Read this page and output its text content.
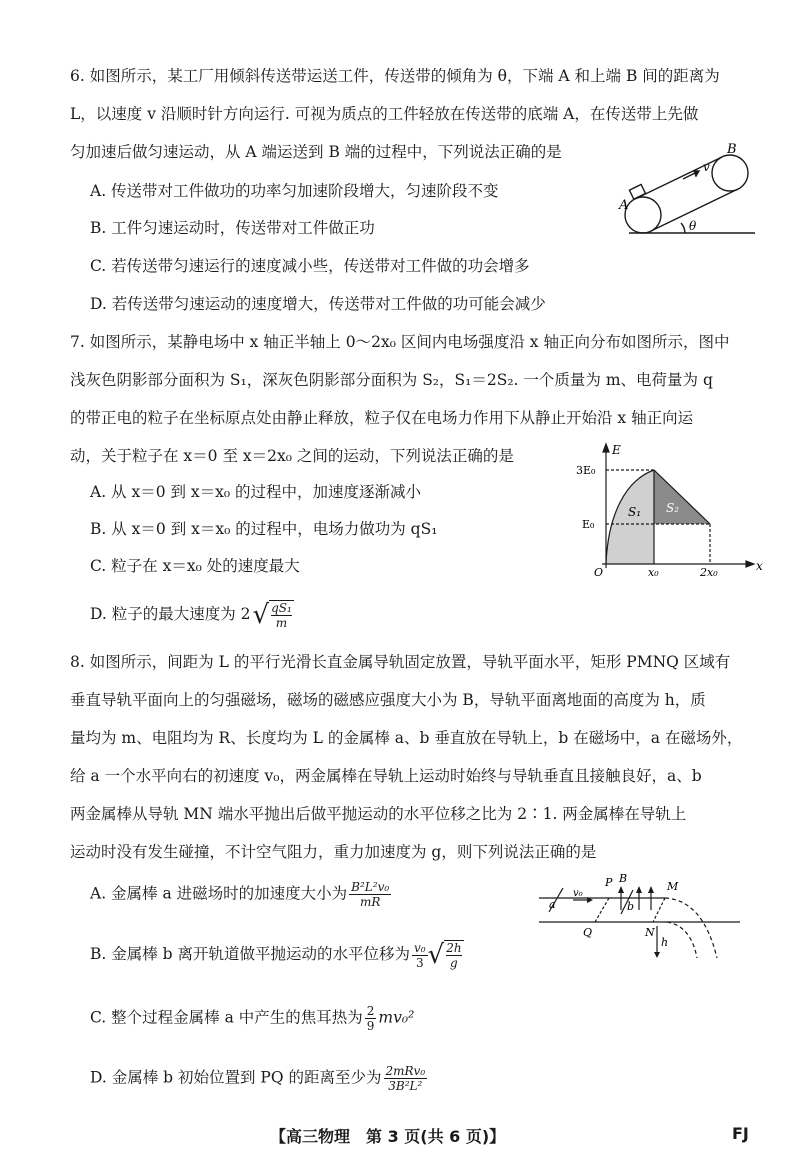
6. 如图所示，某工厂用倾斜传送带运送工件，传送带的倾角为 θ，下端 A 和上端 B 间的距离为
L，以速度 v 沿顺时针方向运行. 可视为质点的工件轻放在传送带的底端 A，在传送带上先做
匀加速后做匀速运动，从 A 端运送到 B 端的过程中，下列说法正确的是
A. 传送带对工件做功的功率匀加速阶段增大，匀速阶段不变
B. 工件匀速运动时，传送带对工件做正功
C. 若传送带匀速运行的速度减小些，传送带对工件做的功会增多
D. 若传送带匀速运动的速度增大，传送带对工件做的功可能会减少
A
B
v
θ
7. 如图所示，某静电场中 x 轴正半轴上 0～2x₀ 区间内电场强度沿 x 轴正向分布如图所示，图中
浅灰色阴影部分面积为 S₁，深灰色阴影部分面积为 S₂，S₁＝2S₂. 一个质量为 m、电荷量为 q
的带正电的粒子在坐标原点处由静止释放，粒子仅在电场力作用下从静止开始沿 x 轴正向运
动，关于粒子在 x＝0 至 x＝2x₀ 之间的运动，下列说法正确的是
A. 从 x＝0 到 x＝x₀ 的过程中，加速度逐渐减小
B. 从 x＝0 到 x＝x₀ 的过程中，电场力做功为 qS₁
C. 粒子在 x＝x₀ 处的速度最大
D. 粒子的最大速度为 $2√ \frac{\text{qS₁}}{m}$
E
x
3E₀
E₀
O	x₀	2x₀
S₁ S₂
8. 如图所示，间距为 L 的平行光滑长直金属导轨固定放置，导轨平面水平，矩形 PMNQ 区域有
垂直导轨平面向上的匀强磁场，磁场的磁感应强度大小为 B，导轨平面离地面的高度为 h，质
量均为 m、电阻均为 R、长度均为 L 的金属棒 a、b 垂直放在导轨上，b 在磁场中，a 在磁场外，
给 a 一个水平向右的初速度 v₀，两金属棒在导轨上运动时始终与导轨垂直且接触良好，a、b
两金属棒从导轨 MN 端水平抛出后做平抛运动的水平位移之比为 2∶1. 两金属棒在导轨上
运动时没有发生碰撞，不计空气阻力，重力加速度为 g，则下列说法正确的是
A. 金属棒 a 进磁场时的加速度大小为 $\frac{\text{B²L²v₀}}{mR}$
B. 金属棒 b 离开轨道做平抛运动的水平位移为 $\frac{\text{v₀}}{3}$ √ $\frac{2h}{g}$
C. 整个过程金属棒 a 中产生的焦耳热为 $\frac{2}{9} mv_0^2$
D. 金属棒 b 初始位置到 PQ 的距离至少为 2mRv₀
3B²L²
P B
M
a
v₀
b
Q	N
h
【高三物理　第 3 页(共 6 页)】	FJ
